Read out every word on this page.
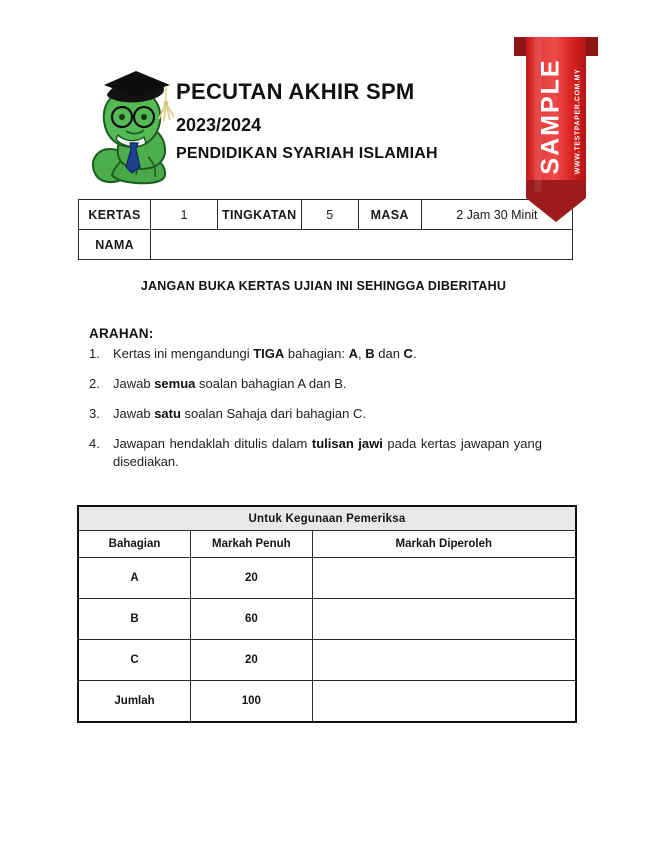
PECUTAN AKHIR SPM
2023/2024
PENDIDIKAN SYARIAH ISLAMIAH	SAMPLE WWW.TESTPAPER.COM.MY
KERTAS	1	TINGKATAN	5	MASA	2 Jam 30 Minit
NAMA					
JANGAN BUKA KERTAS UJIAN INI SEHINGGA DIBERITAHU
ARAHAN:
1.	Kertas ini mengandungi TIGA bahagian: A, B dan C.
2.	Jawab semua soalan bahagian A dan B.
3.	Jawab satu soalan Sahaja dari bahagian C.
4.	Jawapan hendaklah ditulis dalam tulisan jawi pada kertas jawapan yang disediakan.
Untuk Kegunaan Pemeriksa		
Bahagian	Markah Penuh	Markah Diperoleh
A	20	
B	60	
C	20	
Jumlah	100	
